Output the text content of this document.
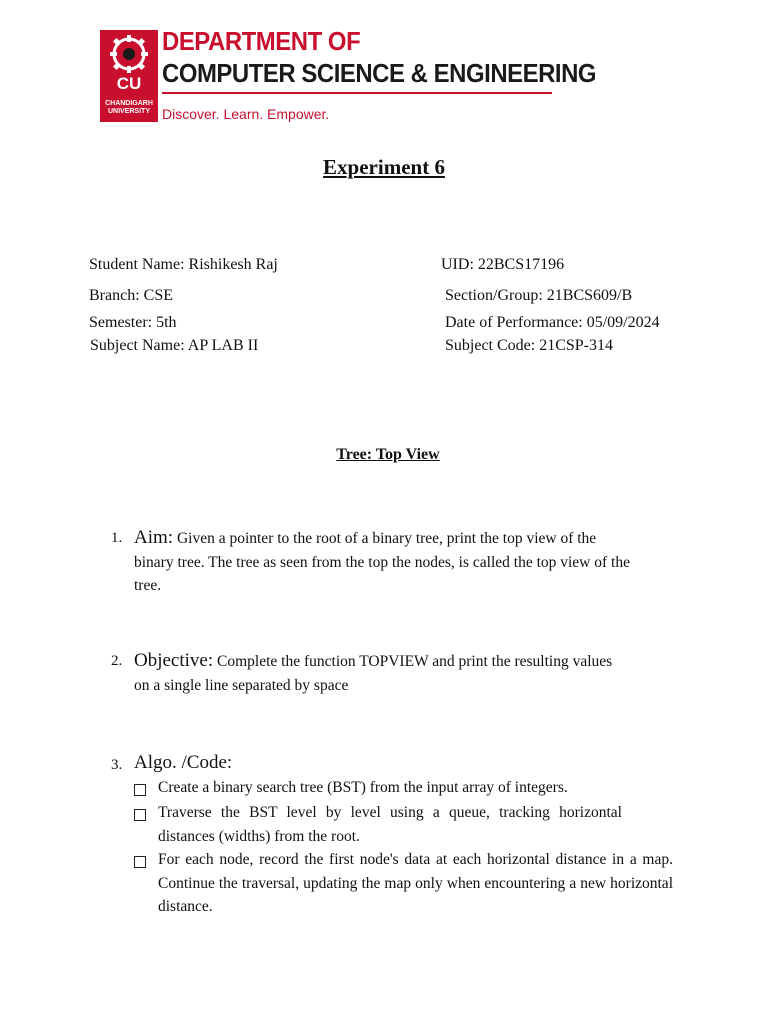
CU
CHANDIGARH UNIVERSITY
DEPARTMENT OF
COMPUTER SCIENCE & ENGINEERING
Discover. Learn. Empower.
Experiment 6
Student Name: Rishikesh Raj	UID: 22BCS17196
Branch: CSE	Section/Group: 21BCS609/B
Semester: 5th	Date of Performance: 05/09/2024
Subject Name: AP LAB II	Subject Code: 21CSP-314
Tree: Top View
1. Aim: Given a pointer to the root of a binary tree, print the top view of the
binary tree. The tree as seen from the top the nodes, is called the top view of the tree.
2. Objective: Complete the function TOPVIEW and print the resulting values
on a single line separated by space
3. Algo. /Code:
Create a binary search tree (BST) from the input array of integers.
Traverse the BST level by level using a queue, tracking horizontal distances (widths) from the root.
For each node, record the first node's data at each horizontal distance in a map. Continue the traversal, updating the map only when encountering a new horizontal distance.
